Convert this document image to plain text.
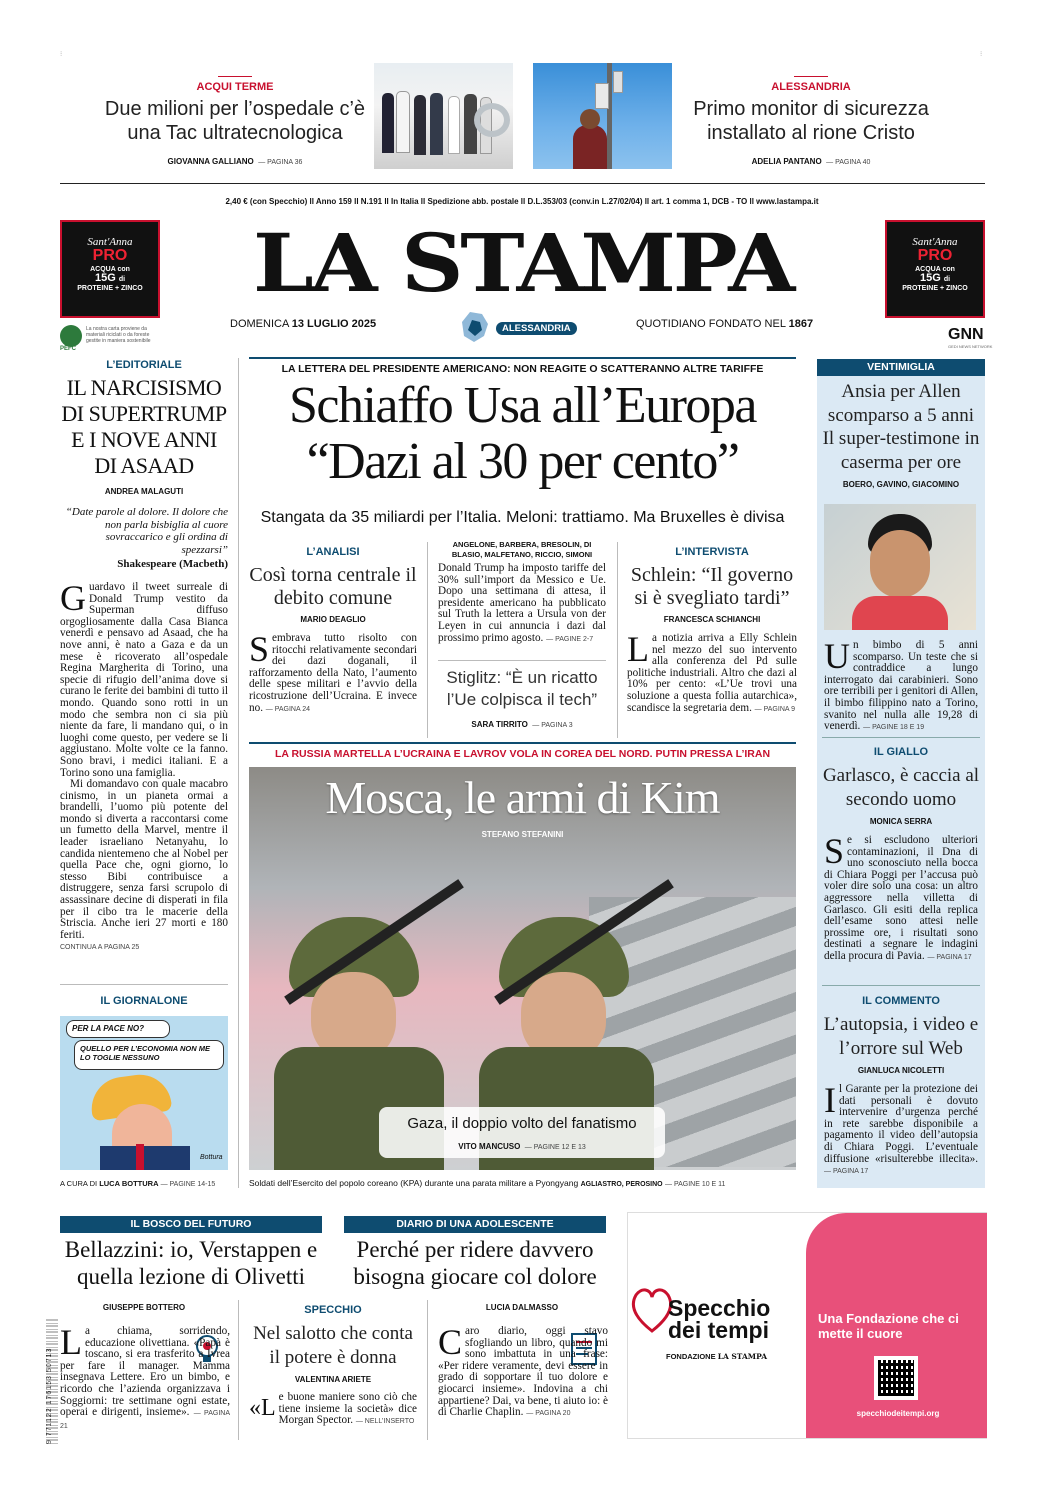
⁝	⁝
ACQUI TERME
Due milioni per l’ospedale c’è una Tac ultratecnologica
GIOVANNA GALLIANO — PAGINA 36
ALESSANDRIA
Primo monitor di sicurezza installato al rione Cristo
ADELIA PANTANO — PAGINA 40
2,40 € (con Specchio) ll Anno 159 ll N.191 ll In Italia ll Spedizione abb. postale ll D.L.353/03 (conv.in L.27/02/04) ll art. 1 comma 1, DCB - TO ll www.lastampa.it
Sant'Anna
PRO
ACQUA con
15G di
PROTEINE + ZINCO
Sant'Anna
PRO
ACQUA con
15G di
PROTEINE + ZINCO
LA STAMPA
DOMENICA 13 LUGLIO 2025	ALESSANDRIA	QUOTIDIANO FONDATO NEL 1867
PEFC
La nostra carta proviene da materiali riciclati o da foreste gestite in maniera sostenibile	GNN
GEDI NEWS NETWORK
L’EDITORIALE
IL NARCISISMO DI SUPERTRUMP E I NOVE ANNI DI ASAAD
ANDREA MALAGUTI
“Date parole al dolore. Il dolore che non parla bisbiglia al cuore sovraccarico e gli ordina di spezzarsi”
Shakespeare (Macbeth)
Guardavo il tweet surreale di Donald Trump vestito da Superman diffuso orgogliosamente dalla Casa Bianca venerdì e pensavo ad Asaad, che ha nove anni, è nato a Gaza e da un mese è ricoverato all’ospedale Regina Margherita di Torino, una specie di rifugio dell’anima dove si curano le ferite dei bambini di tutto il mondo. Quando sono rotti in un modo che sembra non ci sia più niente da fare, li mandano qui, o in luoghi come questo, per vedere se li aggiustano. Molte volte ce la fanno. Sono bravi, i medici italiani. E a Torino sono una famiglia.
Mi domandavo con quale macabro cinismo, in un pianeta ormai a brandelli, l’uomo più potente del mondo si diverta a raccontarsi come un fumetto della Marvel, mentre il leader israeliano Netanyahu, lo candida nientemeno che al Nobel per quella Pace che, ogni giorno, lo stesso Bibi contribuisce a distruggere, senza farsi scrupolo di assassinare decine di disperati in fila per il cibo tra le macerie della Striscia. Anche ieri 27 morti e 180 feriti.
CONTINUA A PAGINA 25
IL GIORNALONE
PER LA PACE NO?
QUELLO PER L’ECONOMIA NON ME LO TOGLIE NESSUNO
Bottura
A CURA DI LUCA BOTTURA — PAGINE 14-15
LA LETTERA DEL PRESIDENTE AMERICANO: NON REAGITE O SCATTERANNO ALTRE TARIFFE
Schiaffo Usa all’Europa
“Dazi al 30 per cento”
Stangata da 35 miliardi per l’Italia. Meloni: trattiamo. Ma Bruxelles è divisa
L’ANALISI
Così torna centrale il debito comune
MARIO DEAGLIO
Sembrava tutto risolto con ritocchi relativamente secondari dei dazi doganali, il rafforzamento della Nato, l’aumento delle spese militari e l’avvio della ricostruzione dell’Ucraina. E invece no. — PAGINA 24
ANGELONE, BARBERA, BRESOLIN, DI BLASIO, MALFETANO, RICCIO, SIMONI
Donald Trump ha imposto tariffe del 30% sull’import da Messico e Ue. Dopo una settimana di attesa, il presidente americano ha pubblicato sul Truth la lettera a Ursula von der Leyen in cui annuncia i dazi dal prossimo primo agosto. — PAGINE 2-7
Stiglitz: “È un ricatto l’Ue colpisca il tech”
SARA TIRRITO — PAGINA 3
L’INTERVISTA
Schlein: “Il governo si è svegliato tardi”
FRANCESCA SCHIANCHI
La notizia arriva a Elly Schlein nel mezzo del suo intervento alla conferenza del Pd sulle politiche industriali. Altro che dazi al 10% per cento: «L’Ue trovi una soluzione a questa follia autarchica», scandisce la segretaria dem. — PAGINA 9
LA RUSSIA MARTELLA L’UCRAINA E LAVROV VOLA IN COREA DEL NORD. PUTIN PRESSA L’IRAN
Mosca, le armi di Kim
STEFANO STEFANINI
Gaza, il doppio volto del fanatismo
VITO MANCUSO — PAGINE 12 E 13
Soldati dell’Esercito del popolo coreano (KPA) durante una parata militare a Pyongyang AGLIASTRO, PEROSINO — PAGINE 10 E 11
VENTIMIGLIA
Ansia per Allen scomparso a 5 anni Il super-testimone in caserma per ore
BOERO, GAVINO, GIACOMINO
Un bimbo di 5 anni scomparso. Un teste che si contraddice a lungo interrogato dai carabinieri. Sono ore terribili per i genitori di Allen, il bimbo filippino nato a Torino, svanito nel nulla alle 19,28 di venerdì. — PAGINE 18 E 19
IL GIALLO
Garlasco, è caccia al secondo uomo
MONICA SERRA
Se si escludono ulteriori contaminazioni, il Dna di uno sconosciuto nella bocca di Chiara Poggi per l’accusa può voler dire solo una cosa: un altro aggressore nella villetta di Garlasco. Gli esiti della replica dell’esame sono attesi nelle prossime ore, i risultati sono destinati a segnare le indagini della procura di Pavia. — PAGINA 17
IL COMMENTO
L’autopsia, i video e l’orrore sul Web
GIANLUCA NICOLETTI
Il Garante per la protezione dei dati personali è dovuto intervenire d’urgenza perché in rete sarebbe disponibile a pagamento il video dell’autopsia di Chiara Poggi. L’eventuale diffusione «risulterebbe illecita». — PAGINA 17
9 771122 176153 50713
IL BOSCO DEL FUTURO
Bellazzini: io, Verstappen e quella lezione di Olivetti
GIUSEPPE BOTTERO
La chiama, sorridendo, educazione olivettiana. «Papà è toscano, si era trasferito a Ivrea per fare il manager. Mamma insegnava Lettere. Ero un bimbo, e ricordo che l’azienda organizzava i Soggiorni: tre settimane ogni estate, operai e dirigenti, insieme». — PAGINA 21
SPECCHIO
Nel salotto che conta il potere è donna
VALENTINA ARIETE
«Le buone maniere sono ciò che tiene insieme la società» dice Morgan Spector. — NELL’INSERTO
DIARIO DI UNA ADOLESCENTE
Perché per ridere davvero bisogna giocare col dolore
LUCIA DALMASSO
Caro diario, oggi stavo sfogliando un libro, quando mi sono imbattuta in una frase: «Per ridere veramente, devi essere in grado di sopportare il tuo dolore e giocarci insieme». Indovina a chi appartiene? Dai, va bene, ti aiuto io: è di Charlie Chaplin. — PAGINA 20
Specchio
dei tempi
FONDAZIONE LA STAMPA
Una Fondazione che ci mette il cuore
specchiodeitempi.org
